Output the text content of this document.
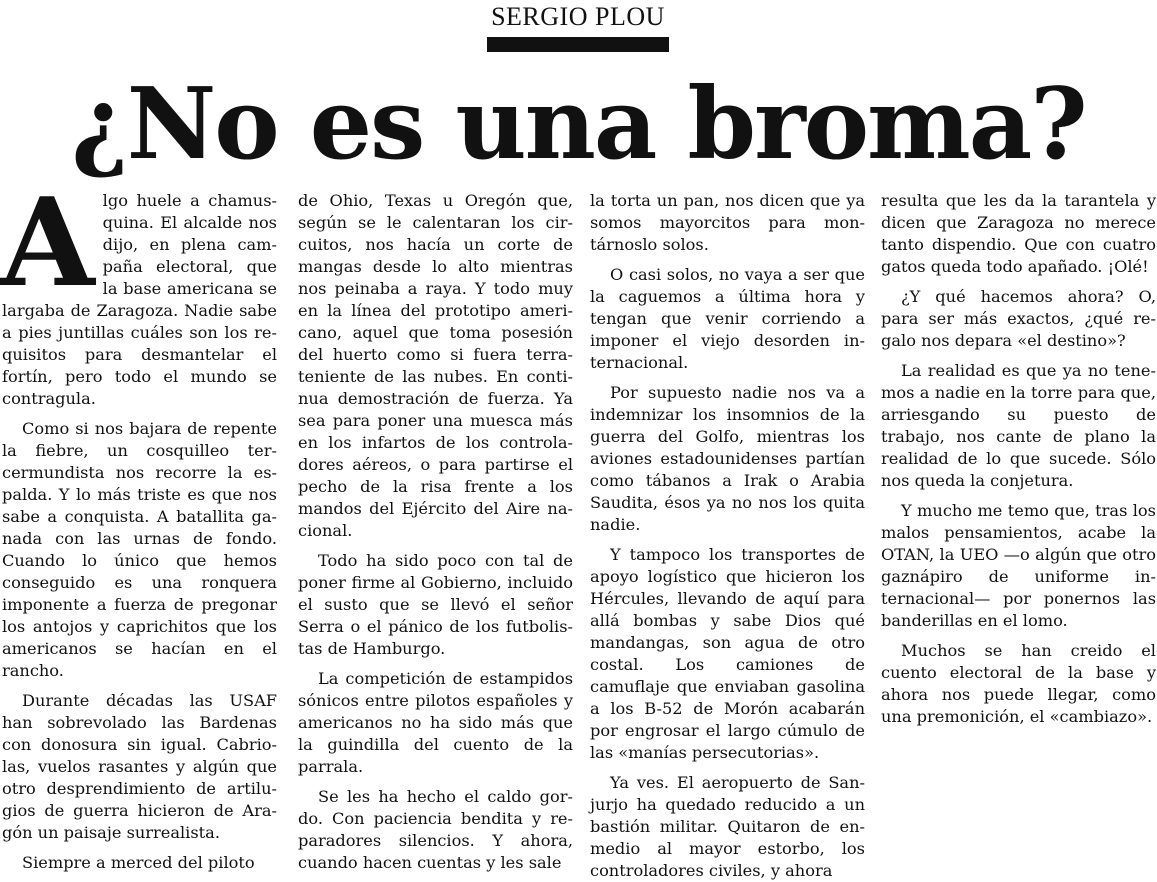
SERGIO PLOU
¿No es una broma?

Algo huele a chamusquina. El alcalde nos dijo, en plena campaña electoral, que la base americana se largaba de Zaragoza. Nadie sabe a pies juntillas cuáles son los requisitos para desmantelar el fortín, pero todo el mundo se contragula.

Como si nos bajara de repente la fiebre, un cosquilleo tercermundista nos recorre la espalda. Y lo más triste es que nos sabe a conquista. A batallita ganada con las urnas de fondo. Cuando lo único que hemos conseguido es una ronquera imponente a fuerza de pregonar los antojos y caprichitos que los americanos se hacían en el rancho.

Durante décadas las USAF han sobrevolado las Bardenas con donosura sin igual. Cabriolas, vuelos rasantes y algún que otro desprendimiento de artilugios de guerra hicieron de Aragón un paisaje surrealista.

Siempre a merced del piloto

de Ohio, Texas u Oregón que, según se le calentaran los circuitos, nos hacía un corte de mangas desde lo alto mientras nos peinaba a raya. Y todo muy en la línea del prototipo americano, aquel que toma posesión del huerto como si fuera terrateniente de las nubes. En continua demostración de fuerza. Ya sea para poner una muesca más en los infartos de los controladores aéreos, o para partirse el pecho de la risa frente a los mandos del Ejército del Aire nacional.

Todo ha sido poco con tal de poner firme al Gobierno, incluido el susto que se llevó el señor Serra o el pánico de los futbolistas de Hamburgo.

La competición de estampidos sónicos entre pilotos españoles y americanos no ha sido más que la guindilla del cuento de la parrala.

Se les ha hecho el caldo gordo. Con paciencia bendita y reparadores silencios. Y ahora, cuando hacen cuentas y les sale

la torta un pan, nos dicen que ya somos mayorcitos para montárnoslo solos.

O casi solos, no vaya a ser que la caguemos a última hora y tengan que venir corriendo a imponer el viejo desorden internacional.

Por supuesto nadie nos va a indemnizar los insomnios de la guerra del Golfo, mientras los aviones estadounidenses partían como tábanos a Irak o Arabia Saudita, ésos ya no nos los quita nadie.

Y tampoco los transportes de apoyo logístico que hicieron los Hércules, llevando de aquí para allá bombas y sabe Dios qué mandangas, son agua de otro costal. Los camiones de camuflaje que enviaban gasolina a los B-52 de Morón acabarán por engrosar el largo cúmulo de las «manías persecutorias».

Ya ves. El aeropuerto de Sanjurjo ha quedado reducido a un bastión militar. Quitaron de enmedio al mayor estorbo, los controladores civiles, y ahora

resulta que les da la tarantela y dicen que Zaragoza no merece tanto dispendio. Que con cuatro gatos queda todo apañado. ¡Olé!

¿Y qué hacemos ahora? O, para ser más exactos, ¿qué regalo nos depara «el destino»?

La realidad es que ya no tenemos a nadie en la torre para que, arriesgando su puesto de trabajo, nos cante de plano la realidad de lo que sucede. Sólo nos queda la conjetura.

Y mucho me temo que, tras los malos pensamientos, acabe la OTAN, la UEO —o algún que otro gaznápiro de uniforme internacional— por ponernos las banderillas en el lomo.

Muchos se han creido el cuento electoral de la base y ahora nos puede llegar, como una premonición, el «cambiazo».
